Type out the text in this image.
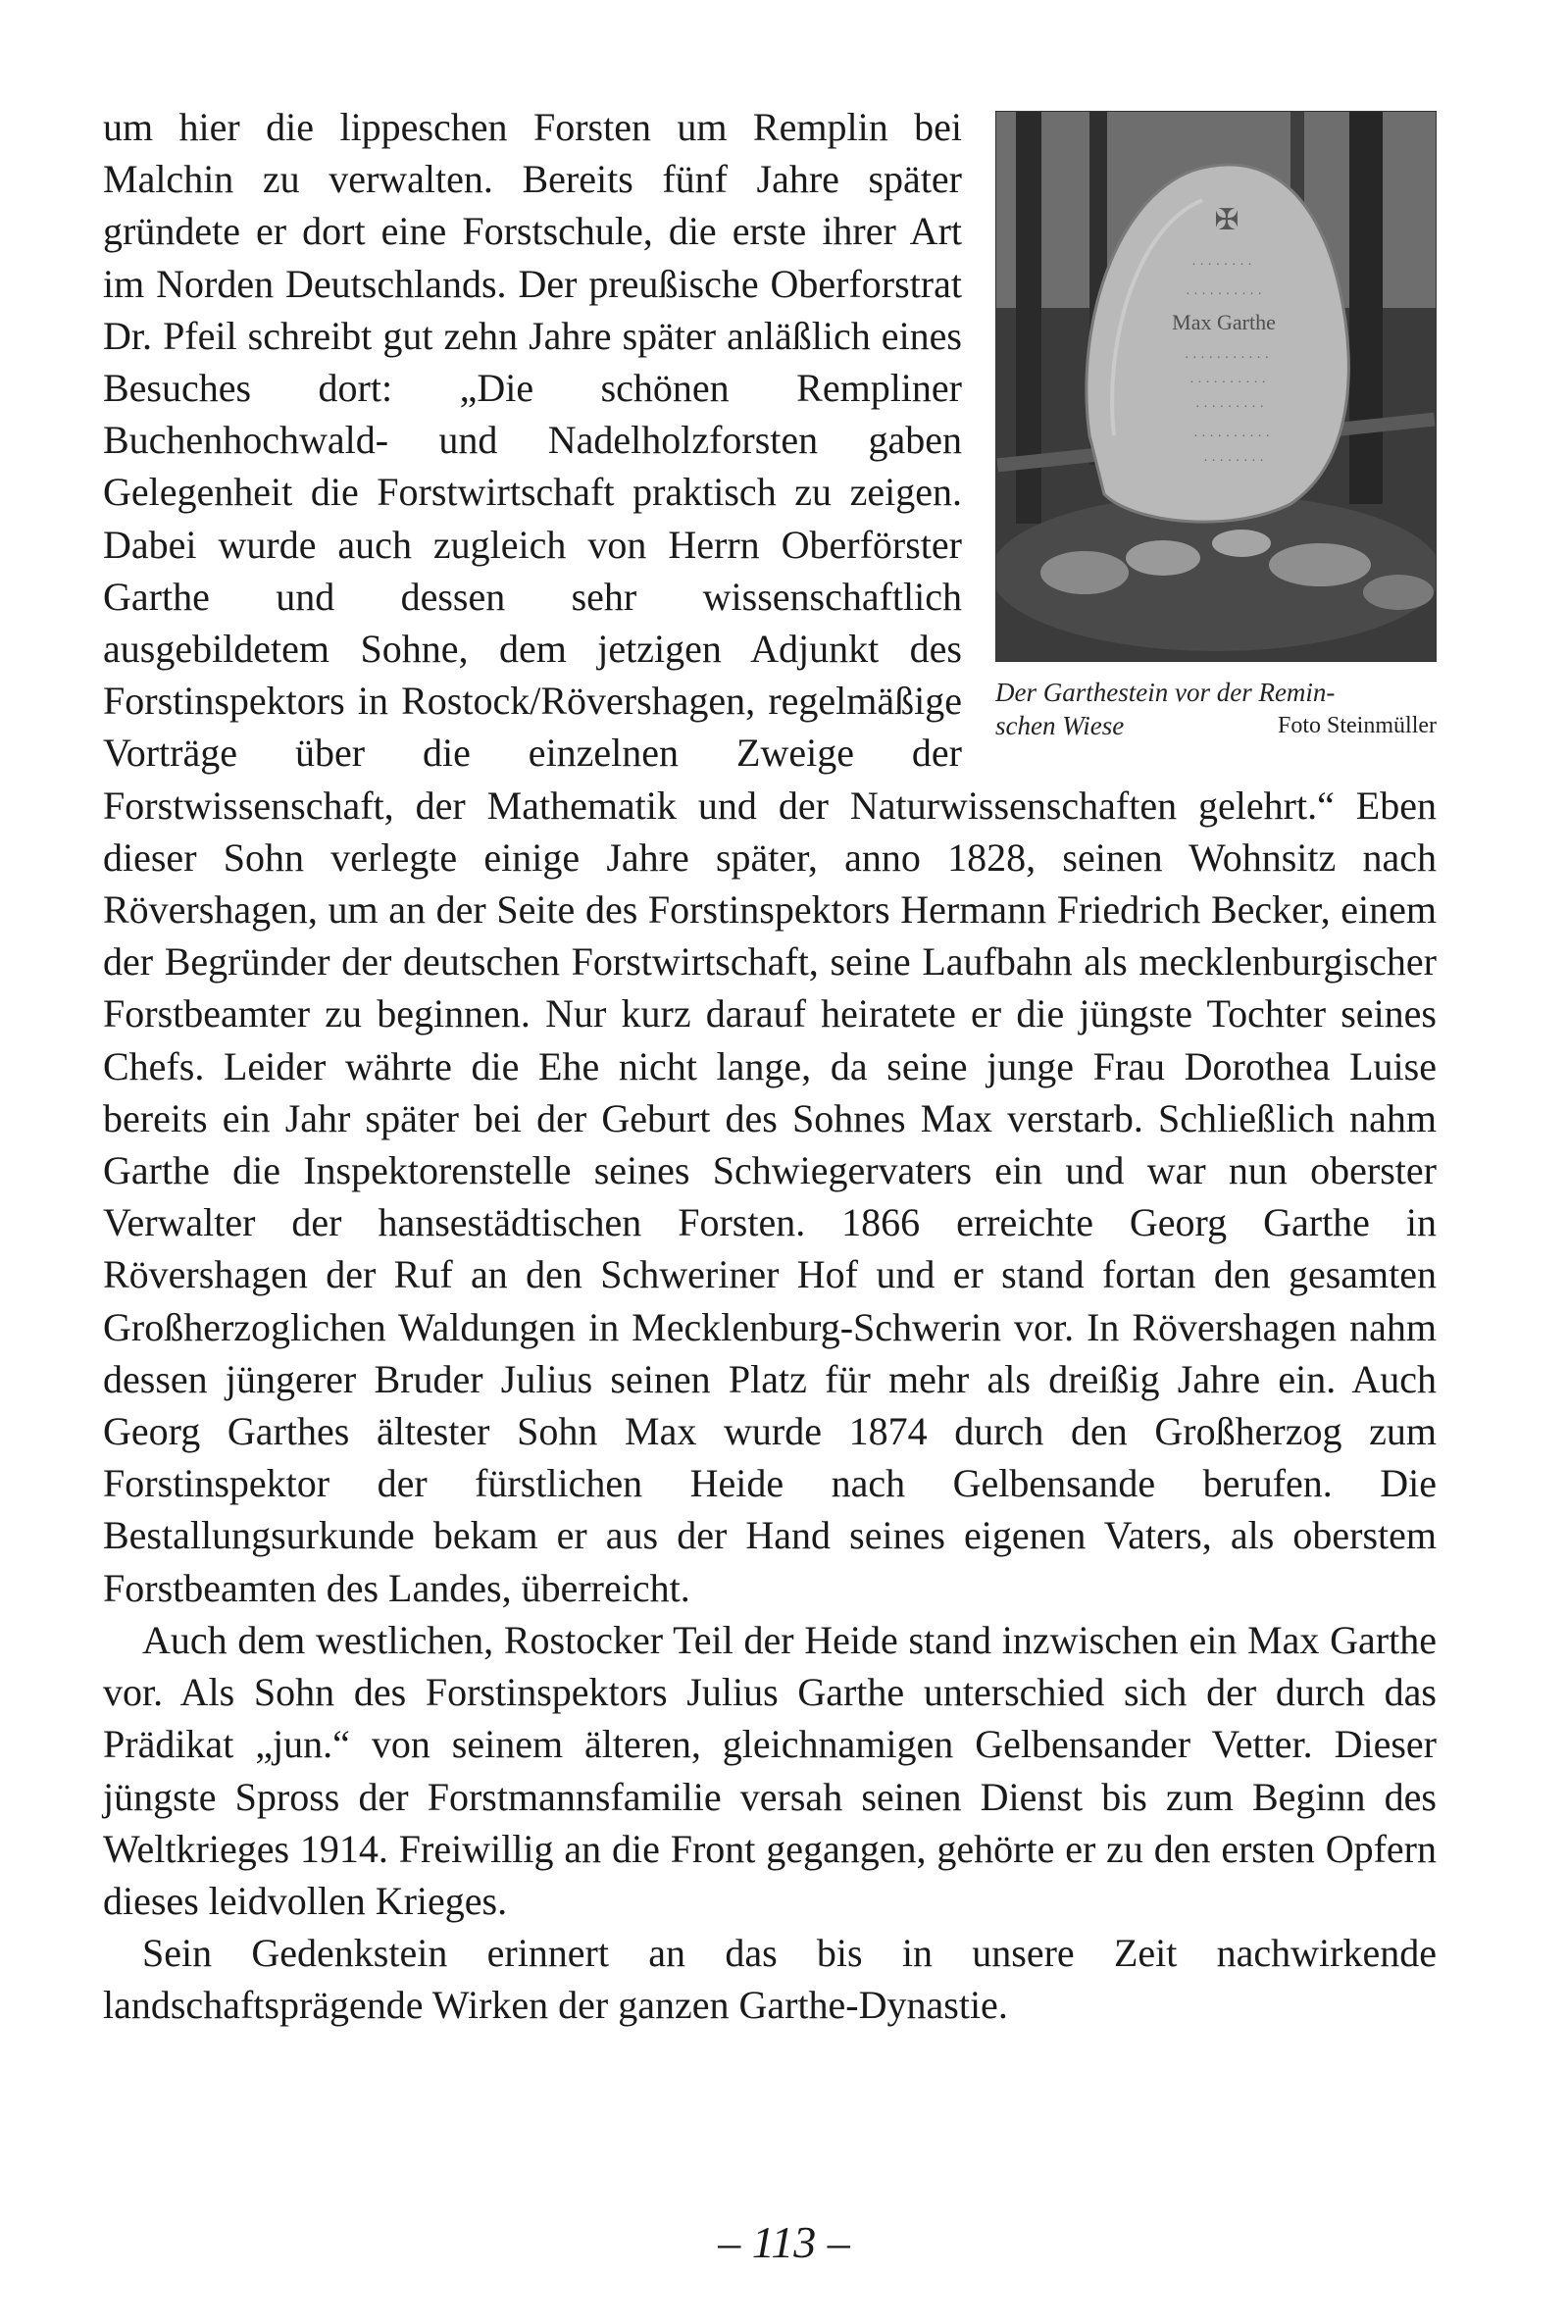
✠
· · · · · · · ·
· · · · · · · · · ·
Max Garthe
· · · · · · · · · · ·
· · · · · · · · · ·
· · · · · · · · ·
· · · · · · · · · ·
· · · · · · · ·
Der Garthestein vor der Remin-
Foto Steinmüller
schen Wiese

um hier die lippeschen Forsten um Remplin bei Malchin zu verwalten. Bereits fünf Jahre später gründete er dort eine Forstschule, die erste ihrer Art im Norden Deutschlands. Der preußische Oberforstrat Dr. Pfeil schreibt gut zehn Jahre später anläßlich eines Besuches dort: „Die schönen Rempliner Buchenhochwald- und Nadelholzforsten gaben Gelegenheit die Forstwirtschaft praktisch zu zeigen. Dabei wurde auch zugleich von Herrn Oberförster Garthe und dessen sehr wissenschaftlich ausgebildetem Sohne, dem jetzigen Adjunkt des Forstinspektors in Rostock/Rövershagen, regelmäßige Vorträge über die einzelnen Zweige der Forstwissenschaft, der Mathematik und der Naturwissenschaften gelehrt.“ Eben dieser Sohn verlegte einige Jahre später, anno 1828, seinen Wohnsitz nach Rövershagen, um an der Seite des Forstinspektors Hermann Friedrich Becker, einem der Begründer der deutschen Forstwirtschaft, seine Laufbahn als mecklenburgischer Forstbeamter zu beginnen. Nur kurz darauf heiratete er die jüngste Tochter seines Chefs. Leider währte die Ehe nicht lange, da seine junge Frau Dorothea Luise bereits ein Jahr später bei der Geburt des Sohnes Max verstarb. Schließlich nahm Garthe die Inspektorenstelle seines Schwiegervaters ein und war nun oberster Verwalter der hansestädtischen Forsten. 1866 erreichte Georg Garthe in Rövershagen der Ruf an den Schweriner Hof und er stand fortan den gesamten Großherzoglichen Waldungen in Mecklenburg-Schwerin vor. In Rövershagen nahm dessen jüngerer Bruder Julius seinen Platz für mehr als dreißig Jahre ein. Auch Georg Garthes ältester Sohn Max wurde 1874 durch den Großherzog zum Forstinspektor der fürstlichen Heide nach Gelbensande berufen. Die Bestallungsurkunde bekam er aus der Hand seines eigenen Vaters, als oberstem Forstbeamten des Landes, überreicht.

Auch dem westlichen, Rostocker Teil der Heide stand inzwischen ein Max Garthe vor. Als Sohn des Forstinspektors Julius Garthe unterschied sich der durch das Prädikat „jun.“ von seinem älteren, gleichnamigen Gelbensander Vetter. Dieser jüngste Spross der Forstmannsfamilie versah seinen Dienst bis zum Beginn des Weltkrieges 1914. Freiwillig an die Front gegangen, gehörte er zu den ersten Opfern dieses leidvollen Krieges.

Sein Gedenkstein erinnert an das bis in unsere Zeit nachwirkende landschaftsprägende Wirken der ganzen Garthe-Dynastie.

– 113 –
